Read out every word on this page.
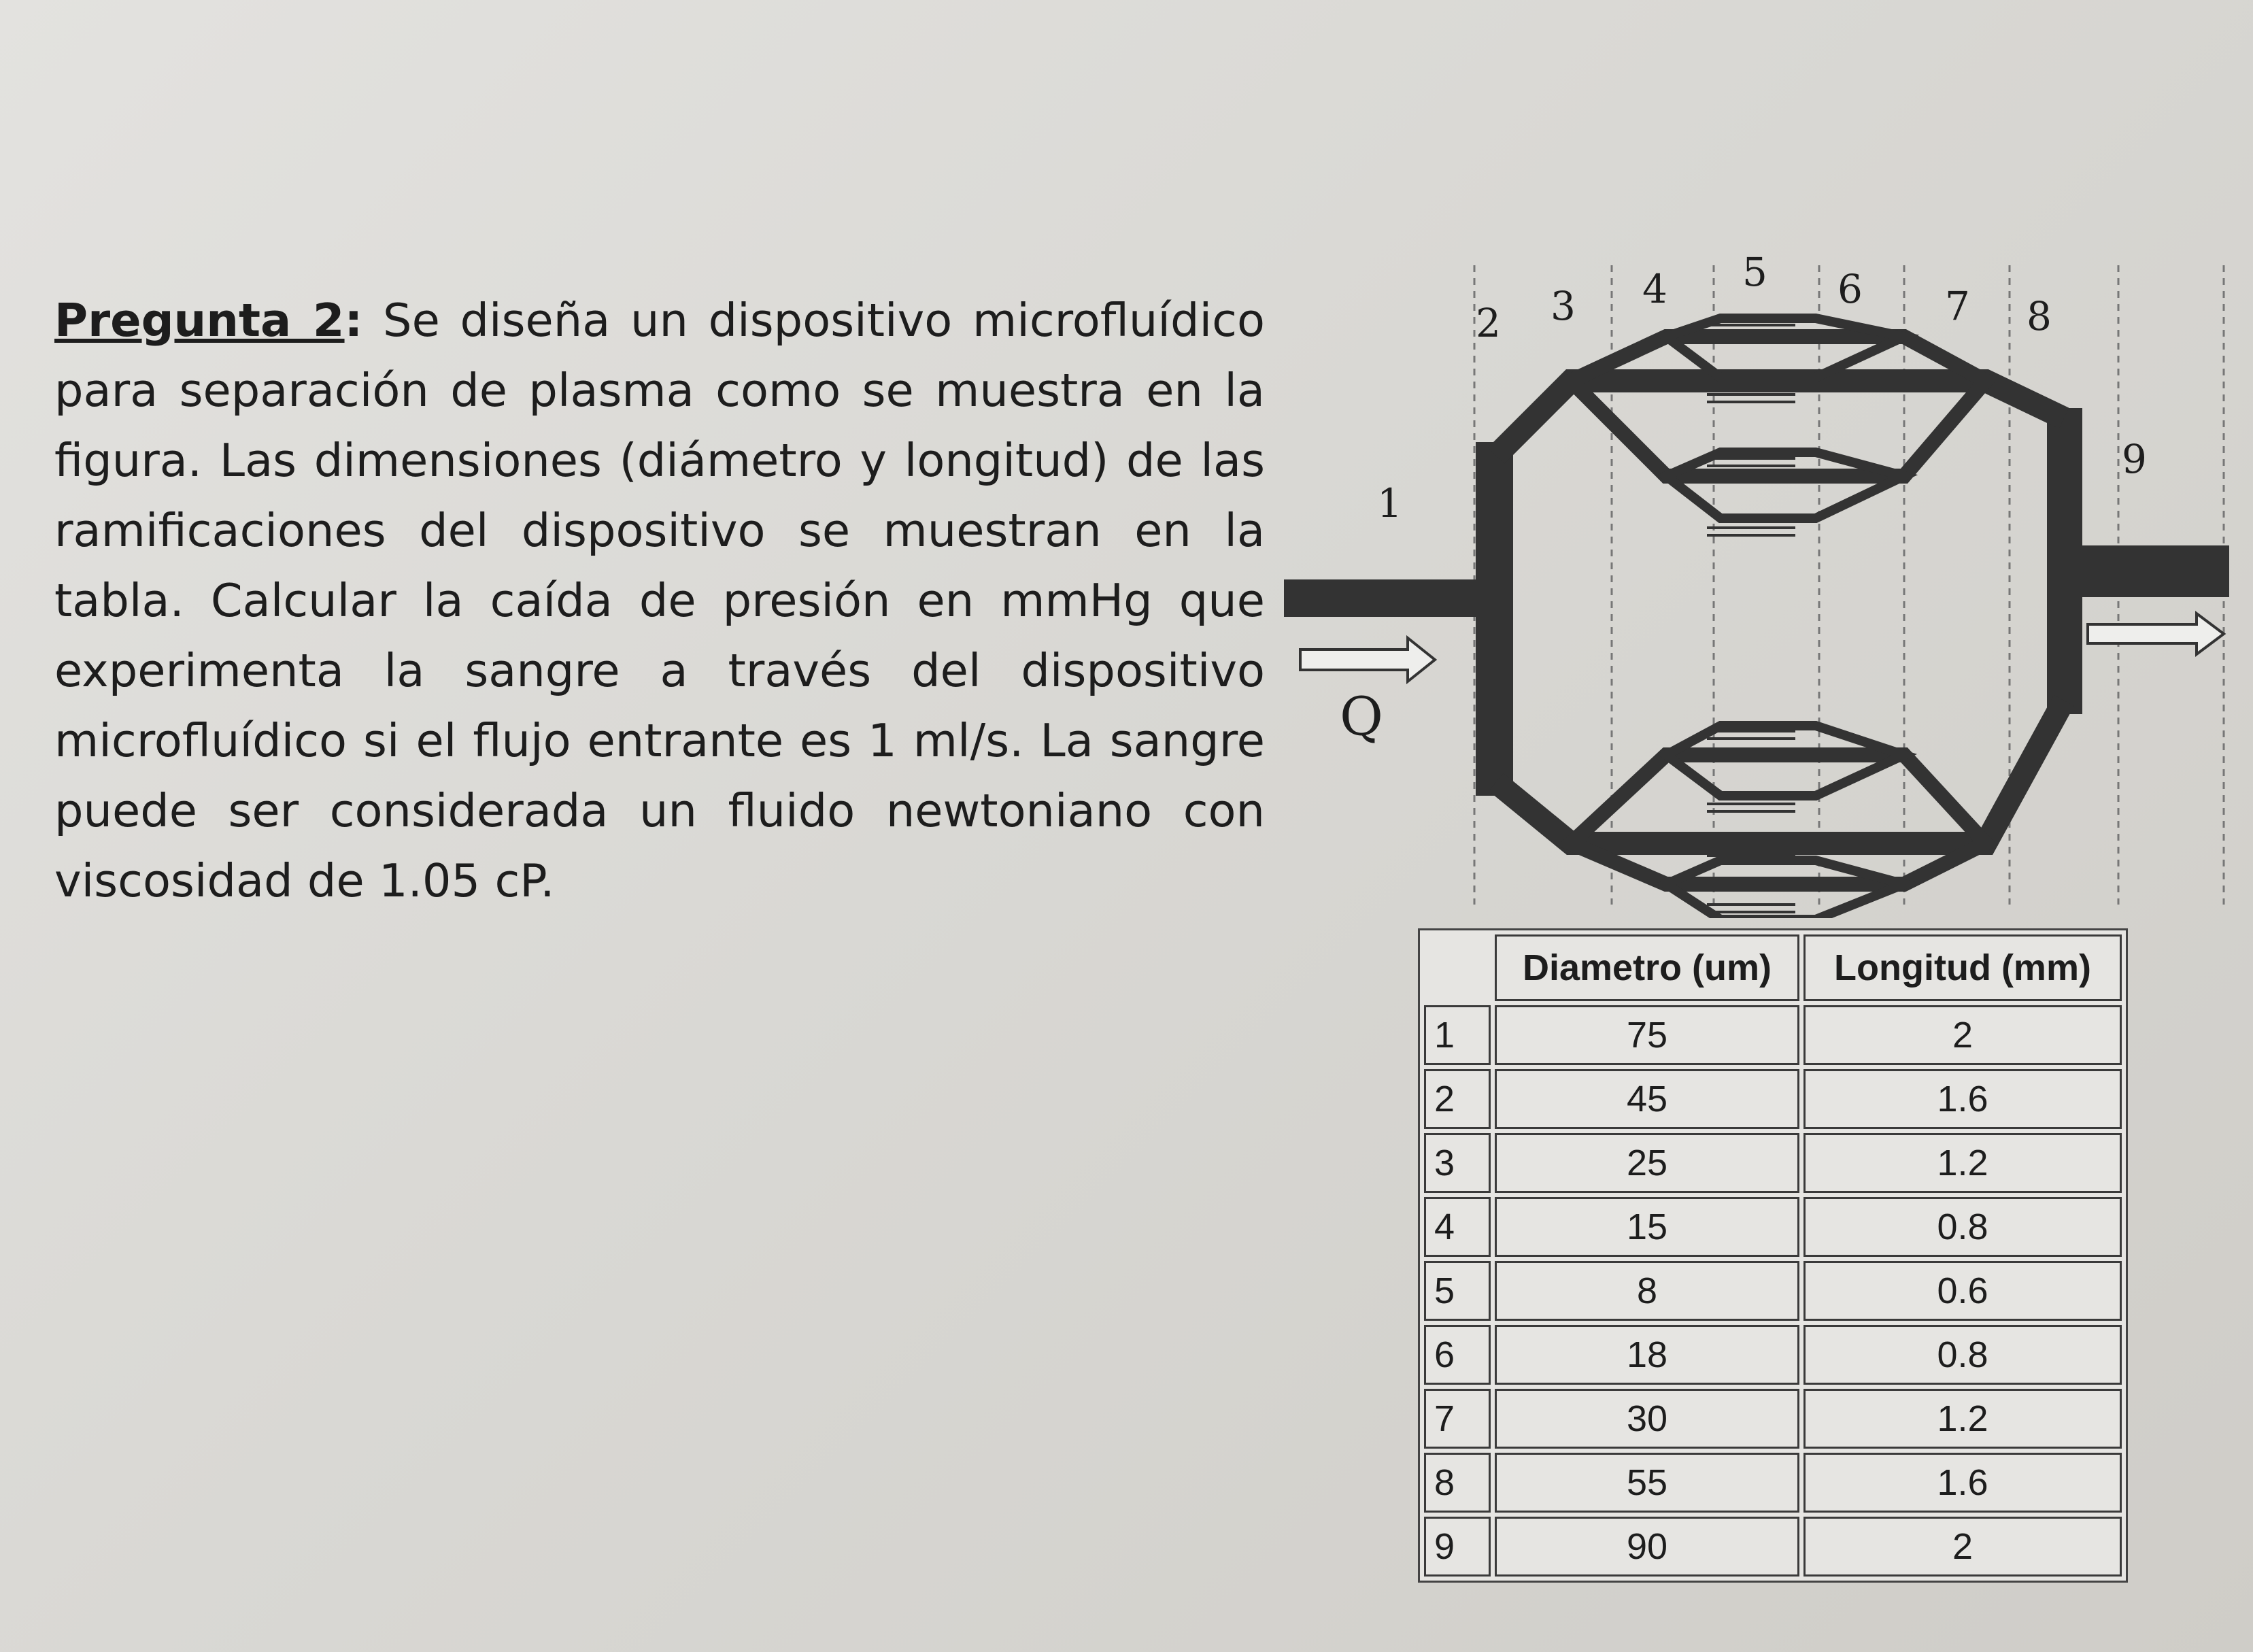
Pregunta 2: Se diseña un dispositivo microfluídico para separación de plasma como se muestra en la figura. Las dimensiones (diámetro y longitud) de las ramificaciones del dispositivo se muestran en la tabla. Calcular la caída de presión en mmHg que experimenta la sangre a través del dispositivo microfluídico si el flujo entrante es 1 ml/s. La sangre puede ser considerada un fluido newtoniano con viscosidad de 1.05 cP.

1
2 3 4 5 6 7 8
9
Q
	Diametro (um)	Longitud (mm)
1	75	2
2	45	1.6
3	25	1.2
4	15	0.8
5	8	0.6
6	18	0.8
7	30	1.2
8	55	1.6
9	90	2
